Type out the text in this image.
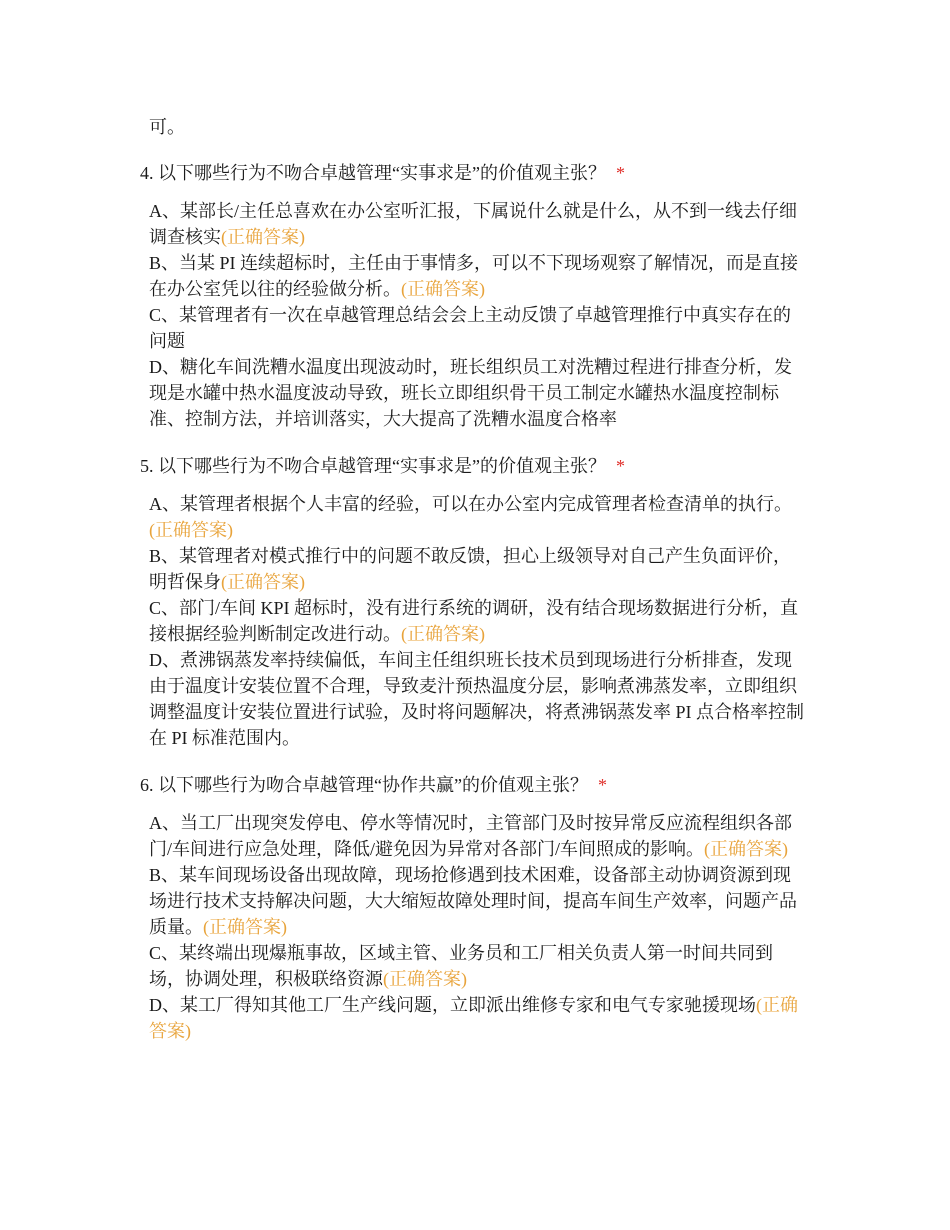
可。

4. 以下哪些行为不吻合卓越管理“实事求是”的价值观主张？ *

A、某部长/主任总喜欢在办公室听汇报，下属说什么就是什么，从不到一线去仔细调查核实(正确答案)

B、当某 PI 连续超标时，主任由于事情多，可以不下现场观察了解情况，而是直接在办公室凭以往的经验做分析。(正确答案)

C、某管理者有一次在卓越管理总结会会上主动反馈了卓越管理推行中真实存在的问题

D、糖化车间洗糟水温度出现波动时，班长组织员工对洗糟过程进行排查分析，发现是水罐中热水温度波动导致，班长立即组织骨干员工制定水罐热水温度控制标准、控制方法，并培训落实，大大提高了洗糟水温度合格率

5. 以下哪些行为不吻合卓越管理“实事求是”的价值观主张？ *

A、某管理者根据个人丰富的经验，可以在办公室内完成管理者检查清单的执行。(正确答案)

B、某管理者对模式推行中的问题不敢反馈，担心上级领导对自己产生负面评价，明哲保身(正确答案)

C、部门/车间 KPI 超标时，没有进行系统的调研，没有结合现场数据进行分析，直接根据经验判断制定改进行动。(正确答案)

D、煮沸锅蒸发率持续偏低，车间主任组织班长技术员到现场进行分析排查，发现由于温度计安装位置不合理，导致麦汁预热温度分层，影响煮沸蒸发率，立即组织调整温度计安装位置进行试验，及时将问题解决，将煮沸锅蒸发率 PI 点合格率控制在 PI 标准范围内。

6. 以下哪些行为吻合卓越管理“协作共赢”的价值观主张？ *

A、当工厂出现突发停电、停水等情况时，主管部门及时按异常反应流程组织各部门/车间进行应急处理，降低/避免因为异常对各部门/车间照成的影响。(正确答案)

B、某车间现场设备出现故障，现场抢修遇到技术困难，设备部主动协调资源到现场进行技术支持解决问题，大大缩短故障处理时间，提高车间生产效率，问题产品质量。(正确答案)

C、某终端出现爆瓶事故，区域主管、业务员和工厂相关负责人第一时间共同到场，协调处理，积极联络资源(正确答案)

D、某工厂得知其他工厂生产线问题，立即派出维修专家和电气专家驰援现场(正确答案)
